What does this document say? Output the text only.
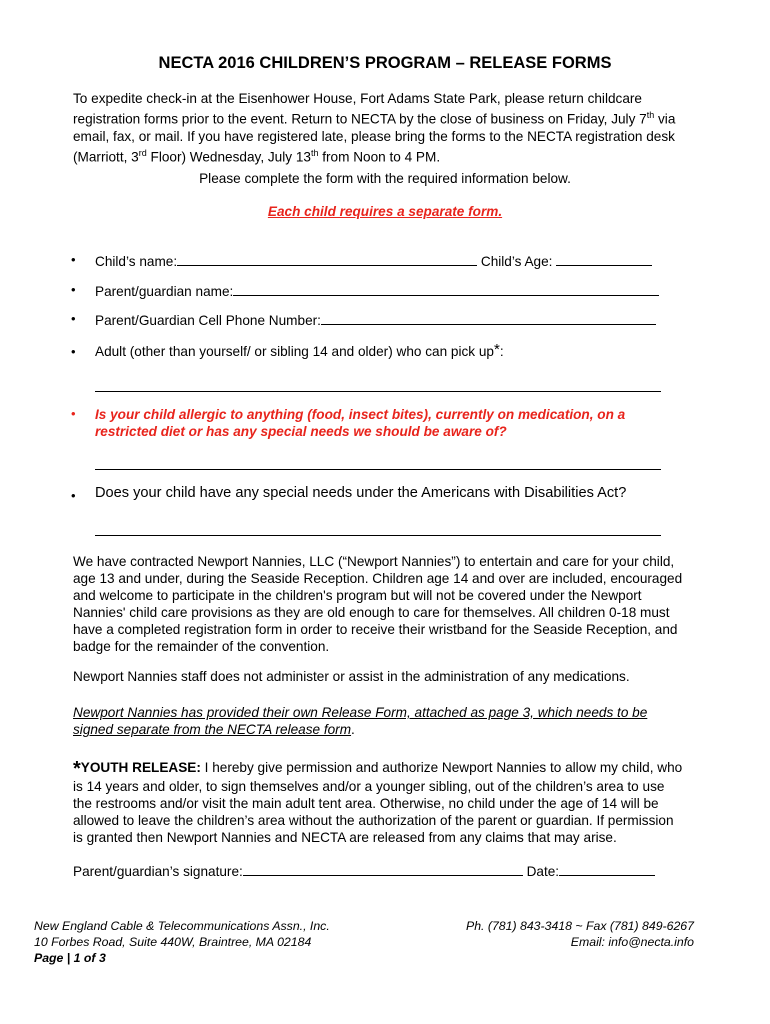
NECTA 2016 CHILDREN’S PROGRAM – RELEASE FORMS

To expedite check-in at the Eisenhower House, Fort Adams State Park, please return childcare

registration forms prior to the event. Return to NECTA by the close of business on Friday, July 7th via

email, fax, or mail. If you have registered late, please bring the forms to the NECTA registration desk

(Marriott, 3rd Floor) Wednesday, July 13th from Noon to 4 PM.

Please complete the form with the required information below.
Each child requires a separate form.
• Child’s name:	Child’s Age:
• Parent/guardian name:
• Parent/Guardian Cell Phone Number:
• Adult (other than yourself/ or sibling 14 and older) who can pick up*:
• Is your child allergic to anything (food, insect bites), currently on medication, on a
restricted diet or has any special needs we should be aware of?
• Does your child have any special needs under the Americans with Disabilities Act?

We have contracted Newport Nannies, LLC (“Newport Nannies”) to entertain and care for your child,

age 13 and under, during the Seaside Reception. Children age 14 and over are included, encouraged

and welcome to participate in the children's program but will not be covered under the Newport

Nannies' child care provisions as they are old enough to care for themselves. All children 0-18 must

have a completed registration form in order to receive their wristband for the Seaside Reception, and

badge for the remainder of the convention.

Newport Nannies staff does not administer or assist in the administration of any medications.

Newport Nannies has provided their own Release Form, attached as page 3, which needs to be

signed separate from the NECTA release form.

*YOUTH RELEASE: I hereby give permission and authorize Newport Nannies to allow my child, who

is 14 years and older, to sign themselves and/or a younger sibling, out of the children’s area to use

the restrooms and/or visit the main adult tent area. Otherwise, no child under the age of 14 will be

allowed to leave the children’s area without the authorization of the parent or guardian. If permission

is granted then Newport Nannies and NECTA are released from any claims that may arise.

Parent/guardian’s signature:	Date:

New England Cable & Telecommunications Assn., Inc.

10 Forbes Road, Suite 440W, Braintree, MA 02184

Page | 1 of 3

Ph. (781) 843-3418 ~ Fax (781) 849-6267

Email: info@necta.info
